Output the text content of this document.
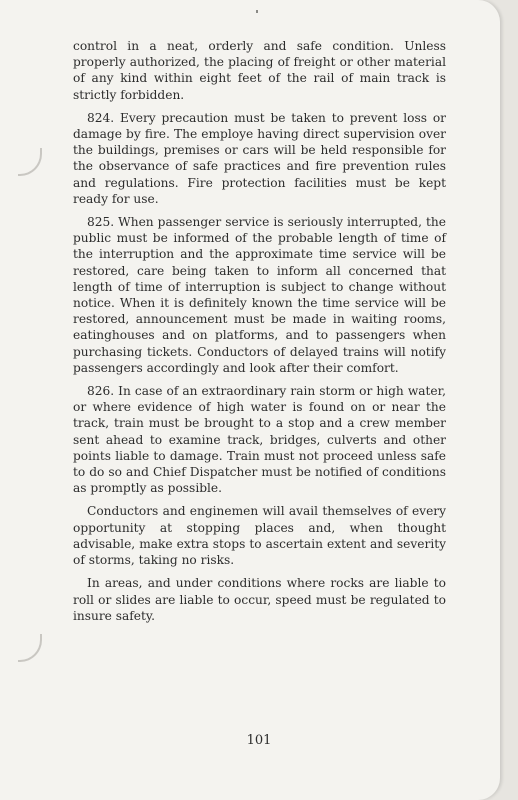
control in a neat, orderly and safe condition. Unless properly authorized, the placing of freight or other material of any kind within eight feet of the rail of main track is strictly forbidden.

824. Every precaution must be taken to prevent loss or damage by fire. The employe having direct supervision over the buildings, premises or cars will be held responsible for the observance of safe practices and fire prevention rules and regulations. Fire protection facilities must be kept ready for use.

825. When passenger service is seriously interrupted, the public must be informed of the probable length of time of the interruption and the approximate time service will be restored, care being taken to inform all concerned that length of time of interruption is subject to change without notice. When it is definitely known the time service will be restored, announcement must be made in waiting rooms, eatinghouses and on platforms, and to passengers when purchasing tickets. Conductors of delayed trains will notify passengers accordingly and look after their comfort.

826. In case of an extraordinary rain storm or high water, or where evidence of high water is found on or near the track, train must be brought to a stop and a crew member sent ahead to examine track, bridges, culverts and other points liable to damage. Train must not proceed unless safe to do so and Chief Dispatcher must be notified of conditions as promptly as possible.

Conductors and enginemen will avail themselves of every opportunity at stopping places and, when thought advisable, make extra stops to ascertain extent and severity of storms, taking no risks.

In areas, and under conditions where rocks are liable to roll or slides are liable to occur, speed must be regulated to insure safety.

101
